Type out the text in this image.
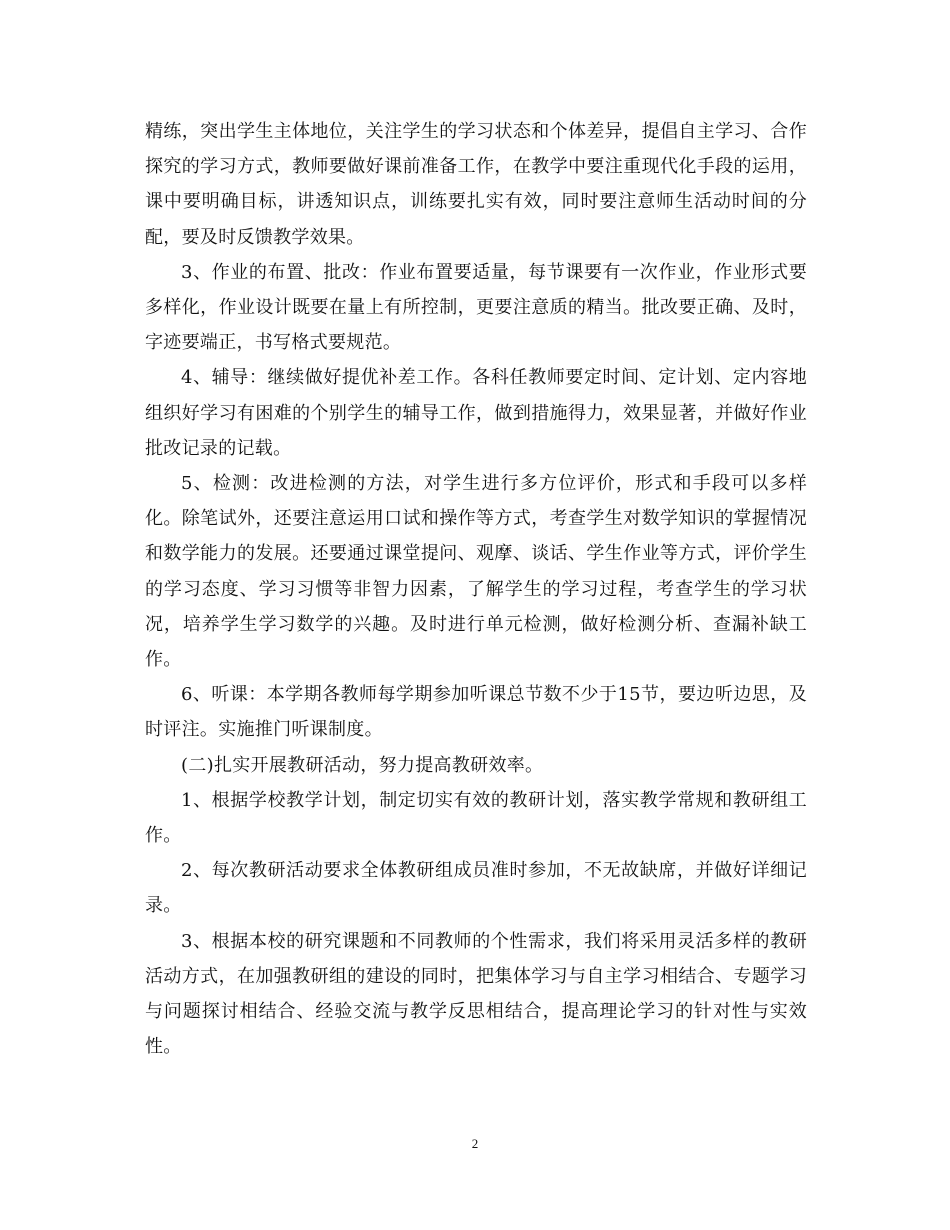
精练，突出学生主体地位，关注学生的学习状态和个体差异，提倡自主学习、合作探究的学习方式，教师要做好课前准备工作，在教学中要注重现代化手段的运用，课中要明确目标，讲透知识点，训练要扎实有效，同时要注意师生活动时间的分配，要及时反馈教学效果。

3、作业的布置、批改：作业布置要适量，每节课要有一次作业，作业形式要多样化，作业设计既要在量上有所控制，更要注意质的精当。批改要正确、及时，字迹要端正，书写格式要规范。

4、辅导：继续做好提优补差工作。各科任教师要定时间、定计划、定内容地组织好学习有困难的个别学生的辅导工作，做到措施得力，效果显著，并做好作业批改记录的记载。

5、检测：改进检测的方法，对学生进行多方位评价，形式和手段可以多样化。除笔试外，还要注意运用口试和操作等方式，考查学生对数学知识的掌握情况和数学能力的发展。还要通过课堂提问、观摩、谈话、学生作业等方式，评价学生的学习态度、学习习惯等非智力因素，了解学生的学习过程，考查学生的学习状况，培养学生学习数学的兴趣。及时进行单元检测，做好检测分析、查漏补缺工作。

6、听课：本学期各教师每学期参加听课总节数不少于15节，要边听边思，及时评注。实施推门听课制度。

(二)扎实开展教研活动，努力提高教研效率。

1、根据学校教学计划，制定切实有效的教研计划，落实教学常规和教研组工作。

2、每次教研活动要求全体教研组成员准时参加，不无故缺席，并做好详细记录。

3、根据本校的研究课题和不同教师的个性需求，我们将采用灵活多样的教研活动方式，在加强教研组的建设的同时，把集体学习与自主学习相结合、专题学习与问题探讨相结合、经验交流与教学反思相结合，提高理论学习的针对性与实效性。

2
